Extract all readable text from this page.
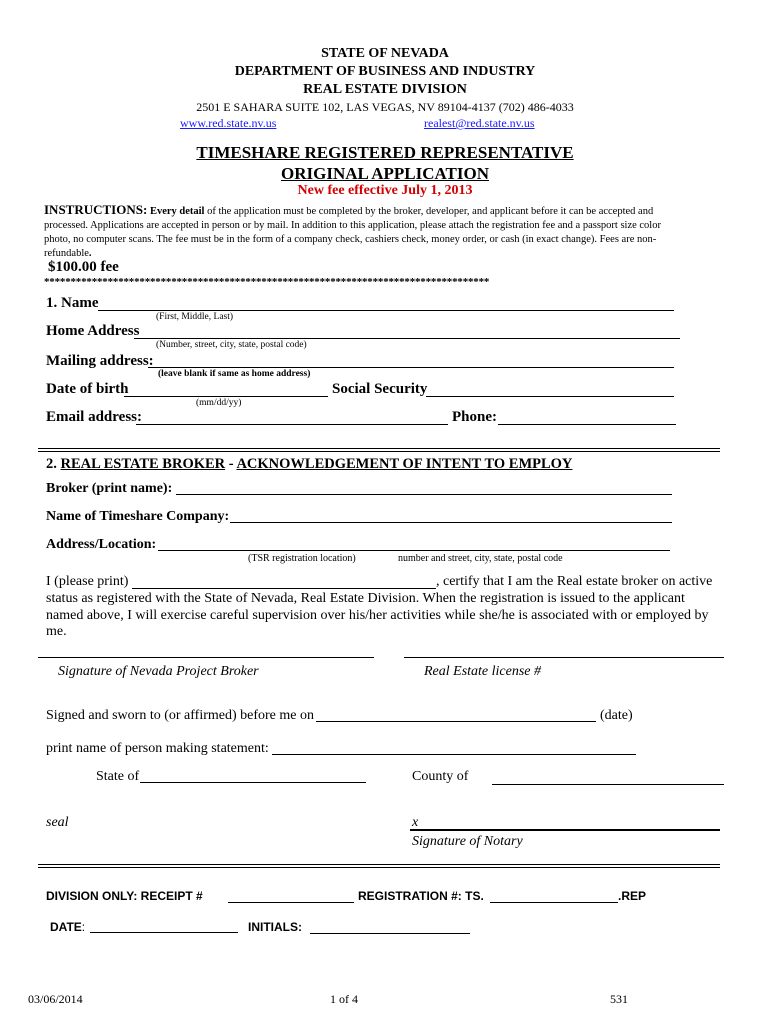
STATE OF NEVADA
DEPARTMENT OF BUSINESS AND INDUSTRY
REAL ESTATE DIVISION
2501 E SAHARA SUITE 102, LAS VEGAS, NV 89104-4137 (702) 486-4033
www.red.state.nv.us	realest@red.state.nv.us
TIMESHARE REGISTERED REPRESENTATIVE
ORIGINAL APPLICATION
New fee effective July 1, 2013
INSTRUCTIONS: Every detail of the application must be completed by the broker, developer, and applicant before it can be accepted and processed. Applications are accepted in person or by mail. In addition to this application, please attach the registration fee and a passport size color photo, no computer scans. The fee must be in the form of a company check, cashiers check, money order, or cash (in exact change). Fees are non-refundable.
$100.00 fee
************************************************************************************
1. Name
(First, Middle, Last)
Home Address
(Number, street, city, state, postal code)
Mailing address:
(leave blank if same as home address)
Date of birth
(mm/dd/yy)
Social Security
Email address:	Phone:
2. REAL ESTATE BROKER - ACKNOWLEDGEMENT OF INTENT TO EMPLOY
Broker (print name):
Name of Timeshare Company:
Address/Location:
(TSR registration location)	number and street, city, state, postal code
I (please print)	, certify that I am the Real estate broker on active
status as registered with the State of Nevada, Real Estate Division. When the registration is issued to the applicant
named above, I will exercise careful supervision over his/her activities while she/he is associated with or employed by
me.
Signature of Nevada Project Broker	Real Estate license #
Signed and sworn to (or affirmed) before me on	(date)
print name of person making statement:
State of	County of
seal	x
Signature of Notary
DIVISION ONLY: RECEIPT #	REGISTRATION #: TS.	.REP
DATE:	INITIALS:
03/06/2014	1 of 4	531
